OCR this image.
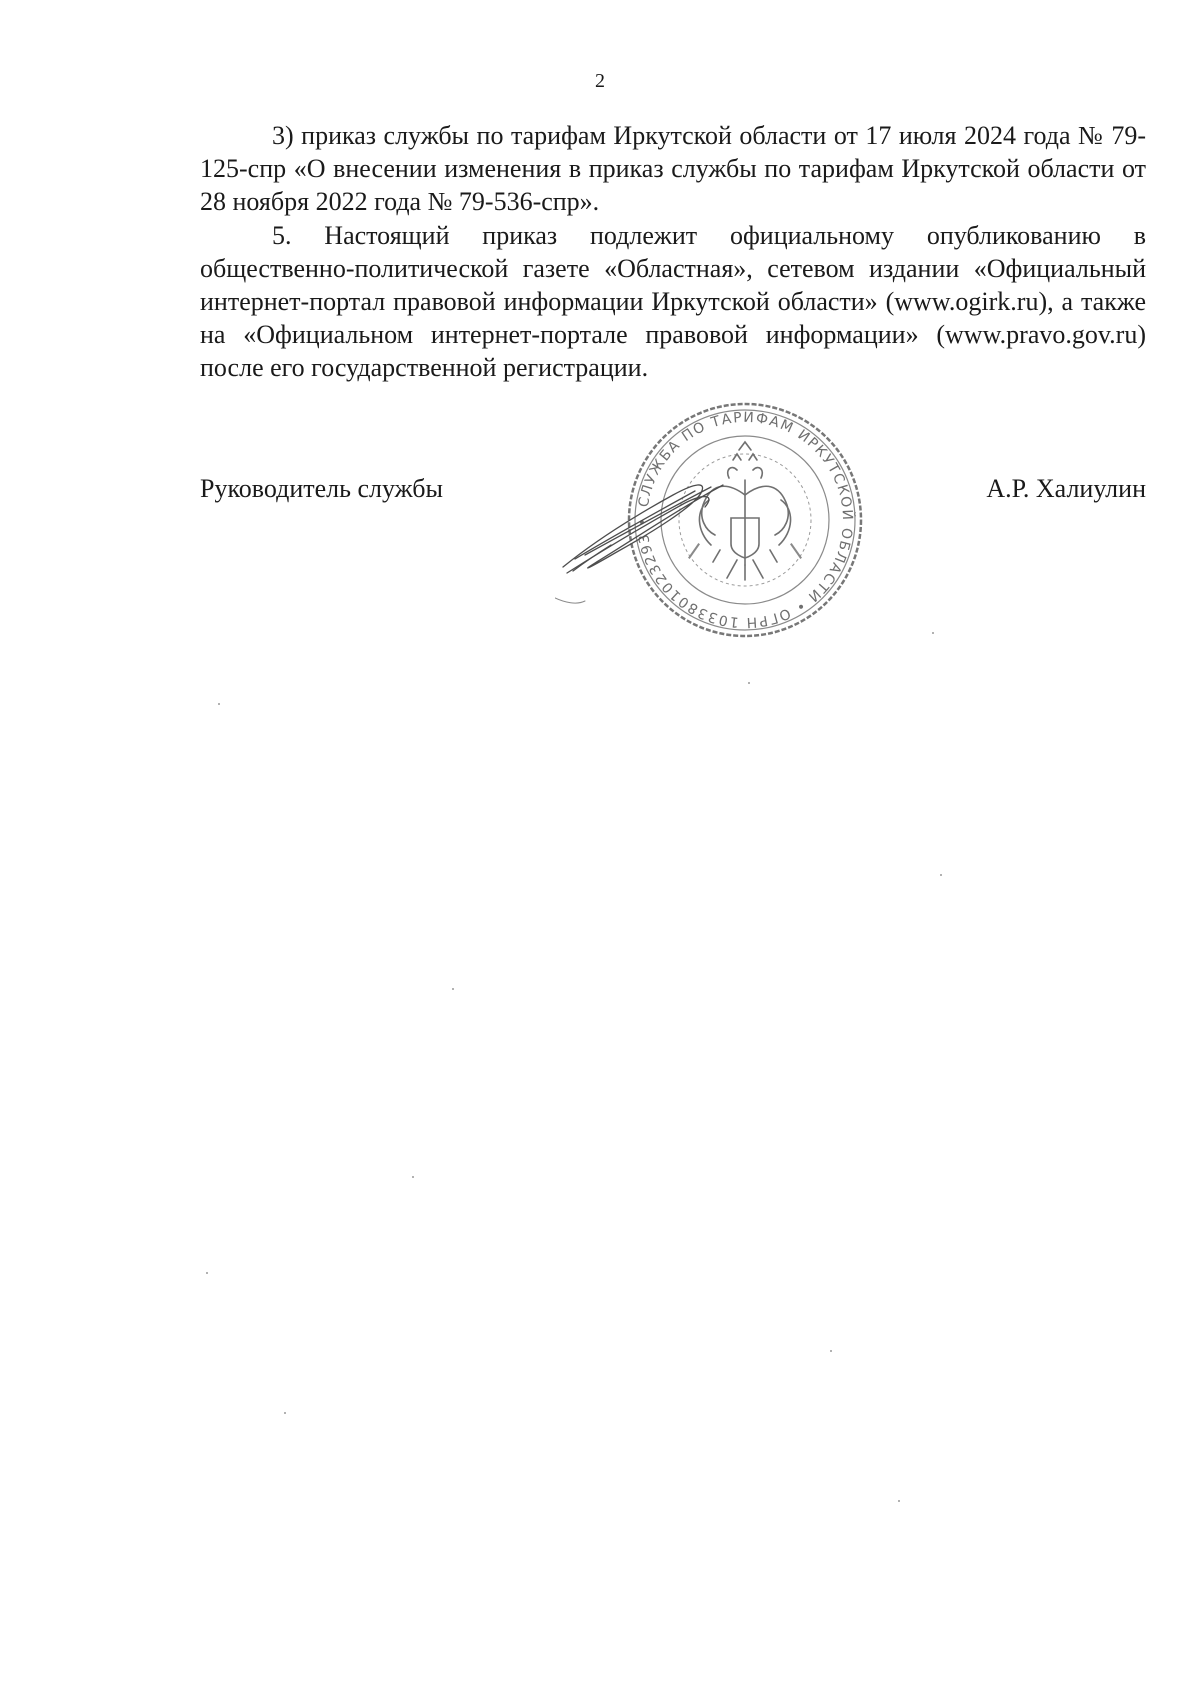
2

3) приказ службы по тарифам Иркутской области от 17 июля 2024 года № 79-125-спр «О внесении изменения в приказ службы по тарифам Иркутской области от 28 ноября 2022 года № 79-536-спр».

5. Настоящий приказ подлежит официальному опубликованию в общественно-политической газете «Областная», сетевом издании «Официальный интернет-портал правовой информации Иркутской области» (www.ogirk.ru), а также на «Официальном интернет-портале правовой информации» (www.pravo.gov.ru) после его государственной регистрации.

Руководитель службы	А.Р. Халиулин
СЛУЖБА ПО ТАРИФАМ ИРКУТСКОЙ ОБЛАСТИ • ОГРН 1033801023293 •
